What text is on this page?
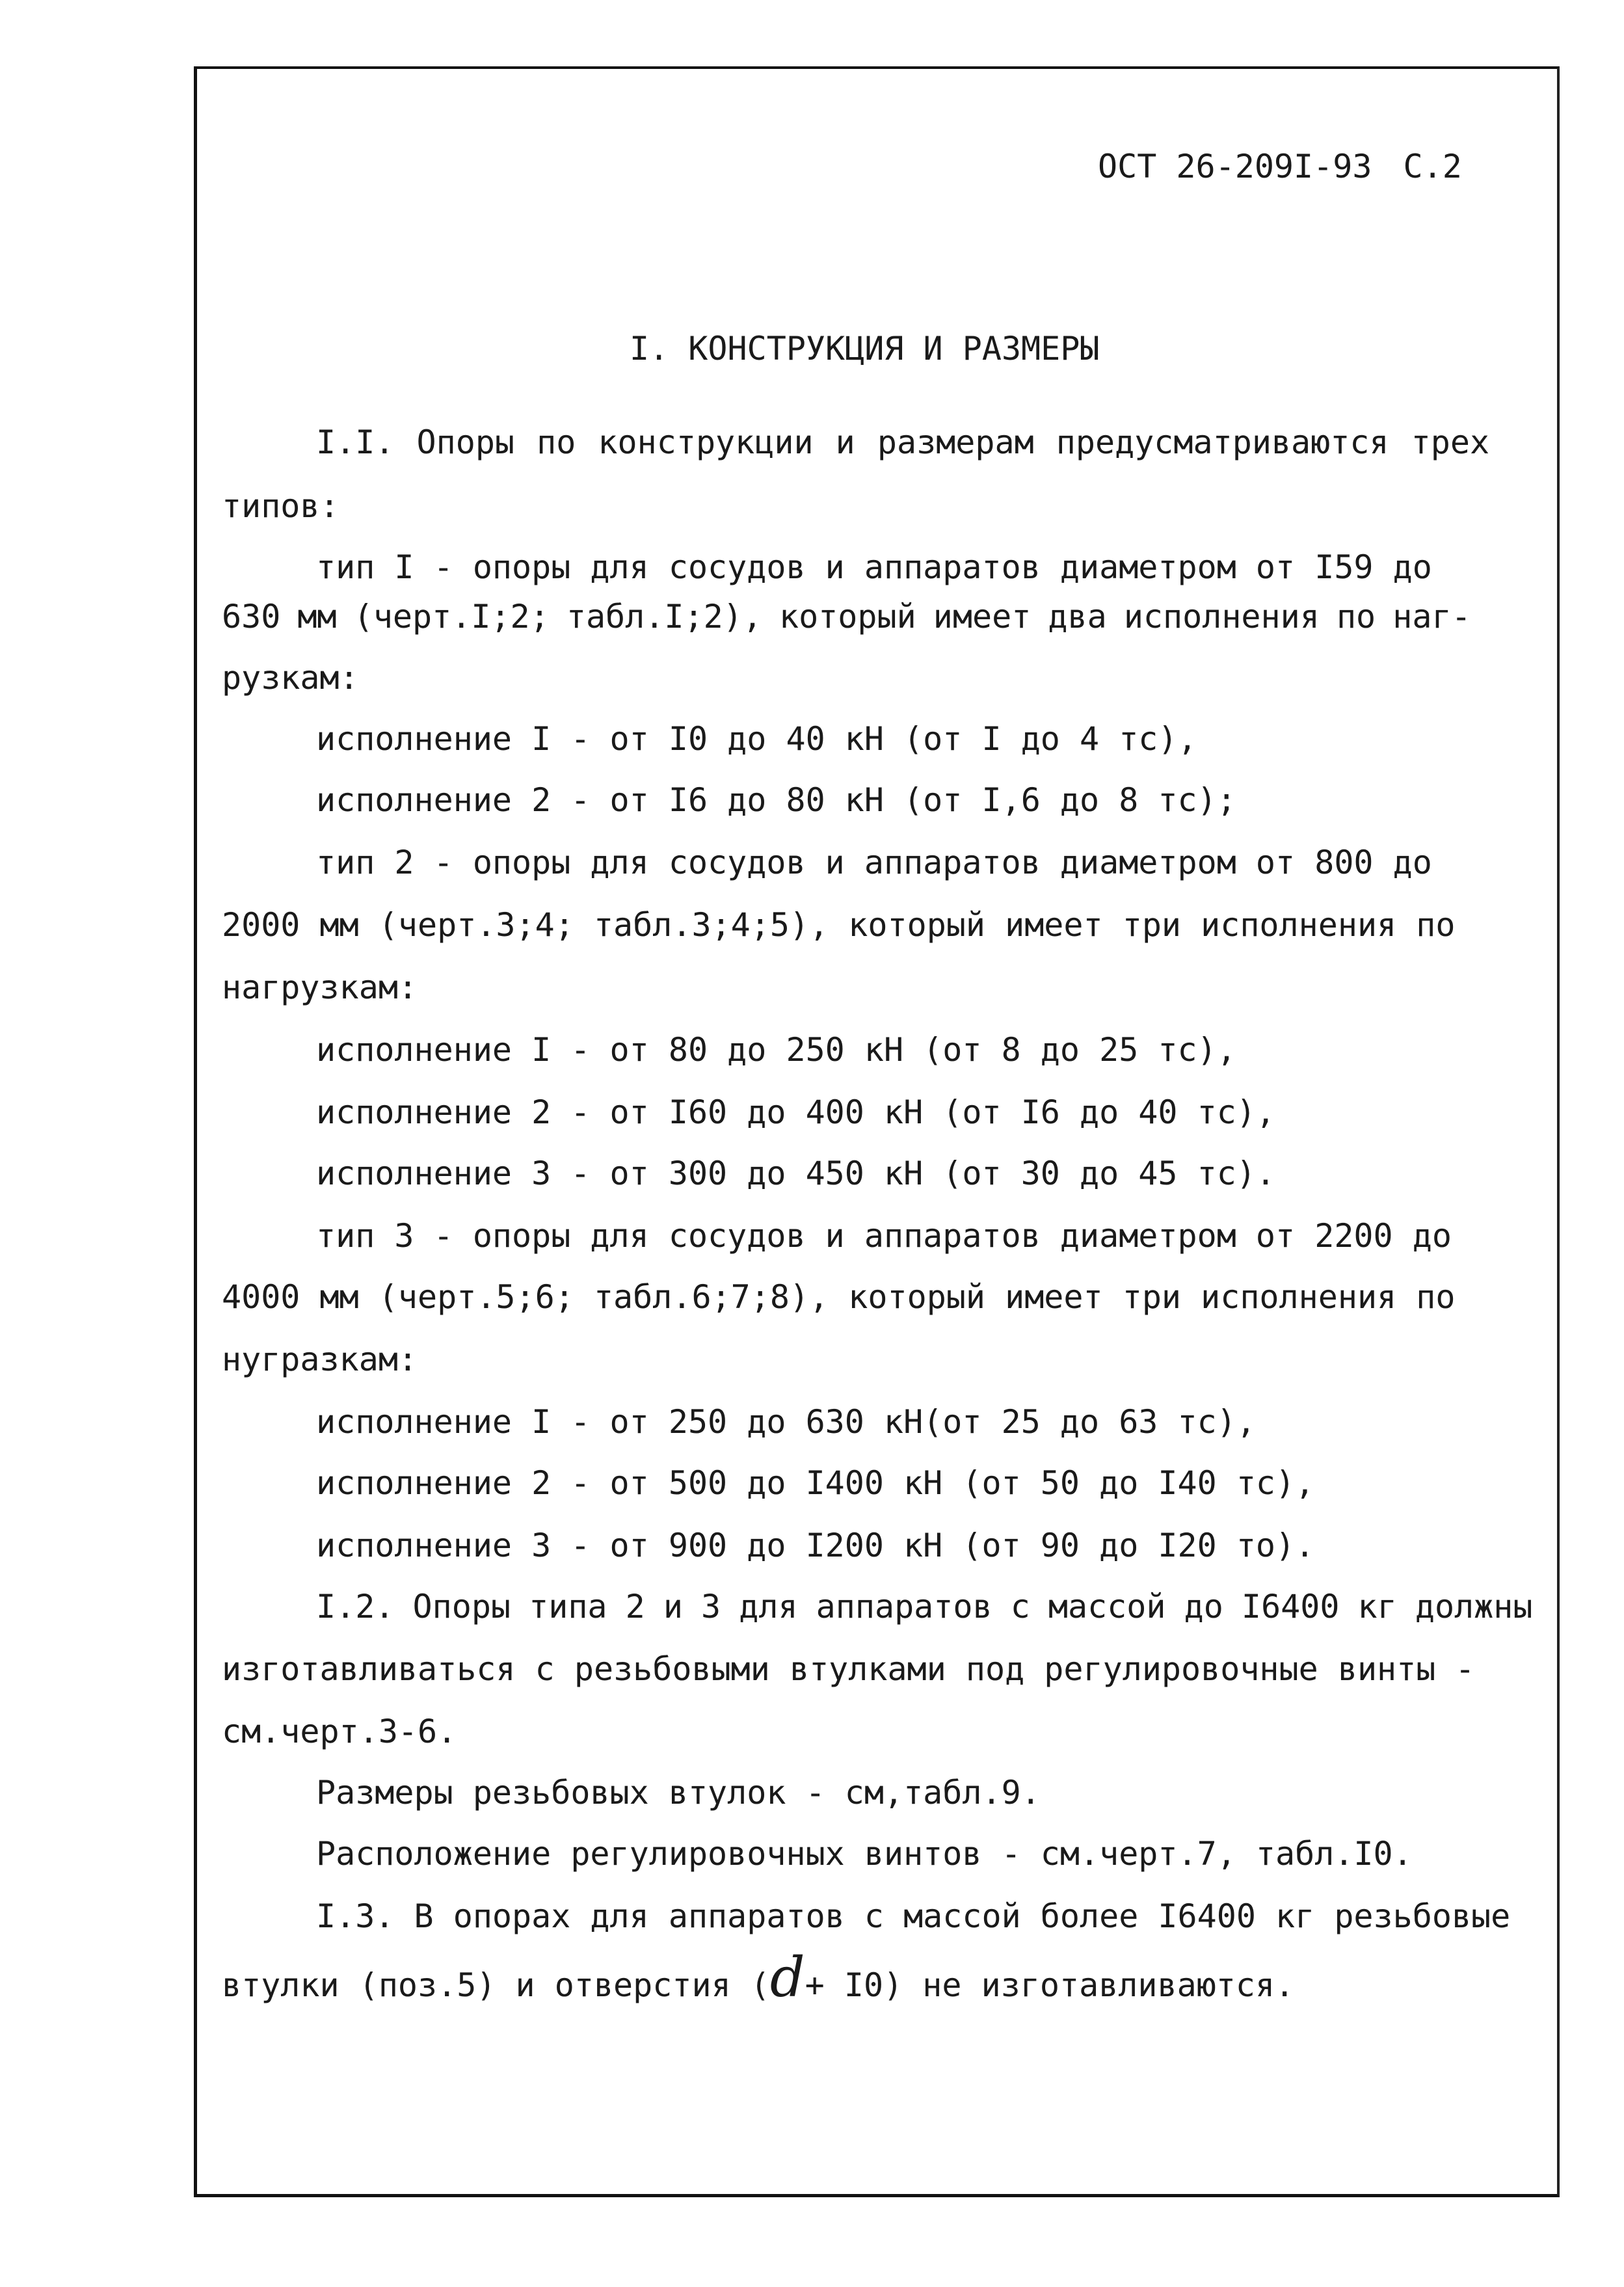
ОСТ 26-209I-93 С.2
I. КОНСТРУКЦИЯ И РАЗМЕРЫ
I.I. Опоры по конструкции и размерам предусматриваются трех
типов:
тип I - опоры для сосудов и аппаратов диаметром от I59 до
630 мм (черт.I;2; табл.I;2), который имеет два исполнения по наг-
рузкам:
исполнение I - от I0 до 40 кН (от I до 4 тс),
исполнение 2 - от I6 до 80 кН (от I,6 до 8 тс);
тип 2 - опоры для сосудов и аппаратов диаметром от 800 до
2000 мм (черт.3;4; табл.3;4;5), который имеет три исполнения по
нагрузкам:
исполнение I - от 80 до 250 кН (от 8 до 25 тс),
исполнение 2 - от I60 до 400 кН (от I6 до 40 тс),
исполнение 3 - от 300 до 450 кН (от 30 до 45 тс).
тип 3 - опоры для сосудов и аппаратов диаметром от 2200 до
4000 мм (черт.5;6; табл.6;7;8), который имеет три исполнения по
нугразкам:
исполнение I - от 250 до 630 кН(от 25 до 63 тс),
исполнение 2 - от 500 до I400 кН (от 50 до I40 тс),
исполнение 3 - от 900 до I200 кН (от 90 до I20 то).
I.2. Опоры типа 2 и 3 для аппаратов с массой до I6400 кг должны
изготавливаться с резьбовыми втулками под регулировочные винты -
см.черт.3-6.
Размеры резьбовых втулок - см,табл.9.
Расположение регулировочных винтов - см.черт.7, табл.I0.
I.3. В опорах для аппаратов с массой более I6400 кг резьбовые
втулки (поз.5) и отверстия (d+ I0) не изготавливаются.
